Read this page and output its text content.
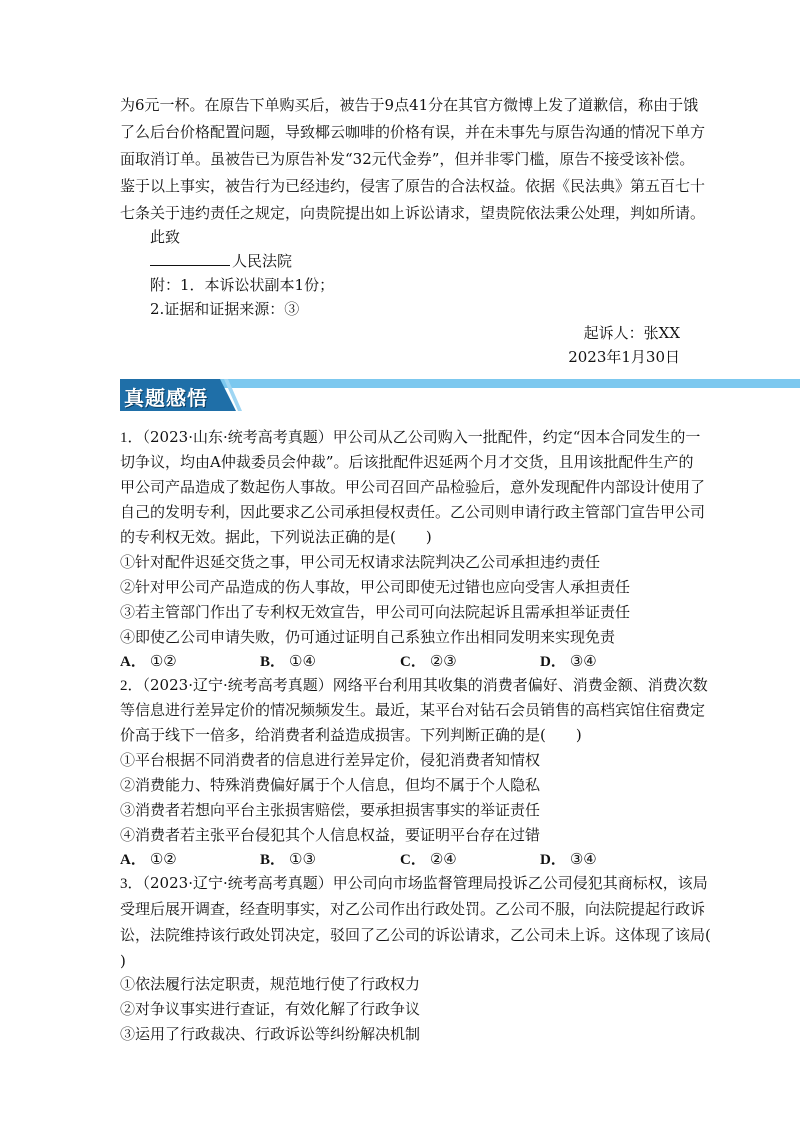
为6元一杯。在原告下单购买后，被告于9点41分在其官方微博上发了道歉信，称由于饿
了么后台价格配置问题，导致椰云咖啡的价格有误，并在未事先与原告沟通的情况下单方
面取消订单。虽被告已为原告补发“32元代金券”，但并非零门槛，原告不接受该补偿。
鉴于以上事实，被告行为已经违约，侵害了原告的合法权益。依据《民法典》第五百七十
七条关于违约责任之规定，向贵院提出如上诉讼请求，望贵院依法秉公处理，判如所请。
此致
人民法院
附：1．本诉讼状副本1份；
2.证据和证据来源：③
起诉人：张XX
2023年1月30日
真题感悟
1．（2023·山东·统考高考真题）甲公司从乙公司购入一批配件，约定“因本合同发生的一
切争议，均由A仲裁委员会仲裁”。后该批配件迟延两个月才交货，且用该批配件生产的
甲公司产品造成了数起伤人事故。甲公司召回产品检验后，意外发现配件内部设计使用了
自己的发明专利，因此要求乙公司承担侵权责任。乙公司则申请行政主管部门宣告甲公司
的专利权无效。据此，下列说法正确的是(　　)
①针对配件迟延交货之事，甲公司无权请求法院判决乙公司承担违约责任
②针对甲公司产品造成的伤人事故，甲公司即使无过错也应向受害人承担责任
③若主管部门作出了专利权无效宣告，甲公司可向法院起诉且需承担举证责任
④即使乙公司申请失败，仍可通过证明自己系独立作出相同发明来实现免责
A． ①②	B． ①④	C． ②③	D． ③④
2．（2023·辽宁·统考高考真题）网络平台利用其收集的消费者偏好、消费金额、消费次数
等信息进行差异定价的情况频频发生。最近，某平台对钻石会员销售的高档宾馆住宿费定
价高于线下一倍多，给消费者利益造成损害。下列判断正确的是(　　)
①平台根据不同消费者的信息进行差异定价，侵犯消费者知情权
②消费能力、特殊消费偏好属于个人信息，但均不属于个人隐私
③消费者若想向平台主张损害赔偿，要承担损害事实的举证责任
④消费者若主张平台侵犯其个人信息权益，要证明平台存在过错
A． ①②	B． ①③	C． ②④	D． ③④
3．（2023·辽宁·统考高考真题）甲公司向市场监督管理局投诉乙公司侵犯其商标权，该局
受理后展开调查，经查明事实，对乙公司作出行政处罚。乙公司不服，向法院提起行政诉
讼，法院维持该行政处罚决定，驳回了乙公司的诉讼请求，乙公司未上诉。这体现了该局(
)
①依法履行法定职责，规范地行使了行政权力
②对争议事实进行查证，有效化解了行政争议
③运用了行政裁决、行政诉讼等纠纷解决机制
